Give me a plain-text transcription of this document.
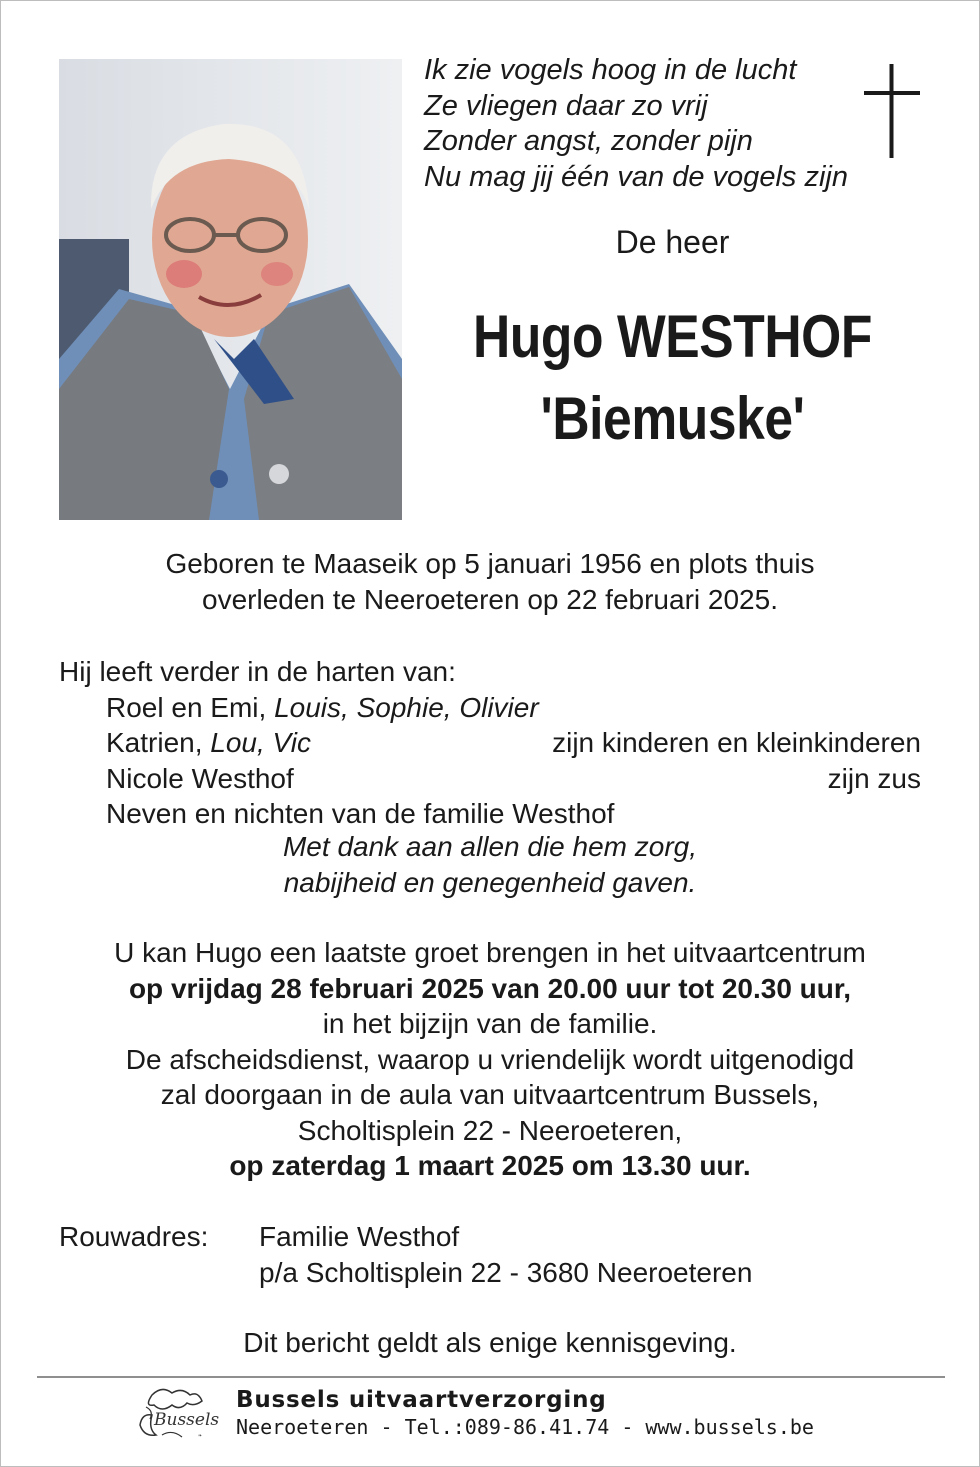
Ik zie vogels hoog in de lucht
Ze vliegen daar zo vrij
Zonder angst, zonder pijn
Nu mag jij één van de vogels zijn
De heer
Hugo WESTHOF
'Biemuske'
Geboren te Maaseik op 5 januari 1956 en plots thuis
overleden te Neeroeteren op 22 februari 2025.
Hij leeft verder in de harten van:
Roel en Emi, Louis, Sophie, Olivier
Katrien, Lou, Vic	zijn kinderen en kleinkinderen
Nicole Westhof	zijn zus
Neven en nichten van de familie Westhof
Met dank aan allen die hem zorg,
nabijheid en genegenheid gaven.
U kan Hugo een laatste groet brengen in het uitvaartcentrum
op vrijdag 28 februari 2025 van 20.00 uur tot 20.30 uur,
in het bijzijn van de familie.
De afscheidsdienst, waarop u vriendelijk wordt uitgenodigd
zal doorgaan in de aula van uitvaartcentrum Bussels,
Scholtisplein 22 - Neeroeteren,
op zaterdag 1 maart 2025 om 13.30 uur.
Rouwadres: Familie Westhof
p/a Scholtisplein 22 - 3680 Neeroeteren
Dit bericht geldt als enige kennisgeving.
Bussels
❧
Bussels uitvaartverzorging
Neeroeteren - Tel.:089-86.41.74 - www.bussels.be
